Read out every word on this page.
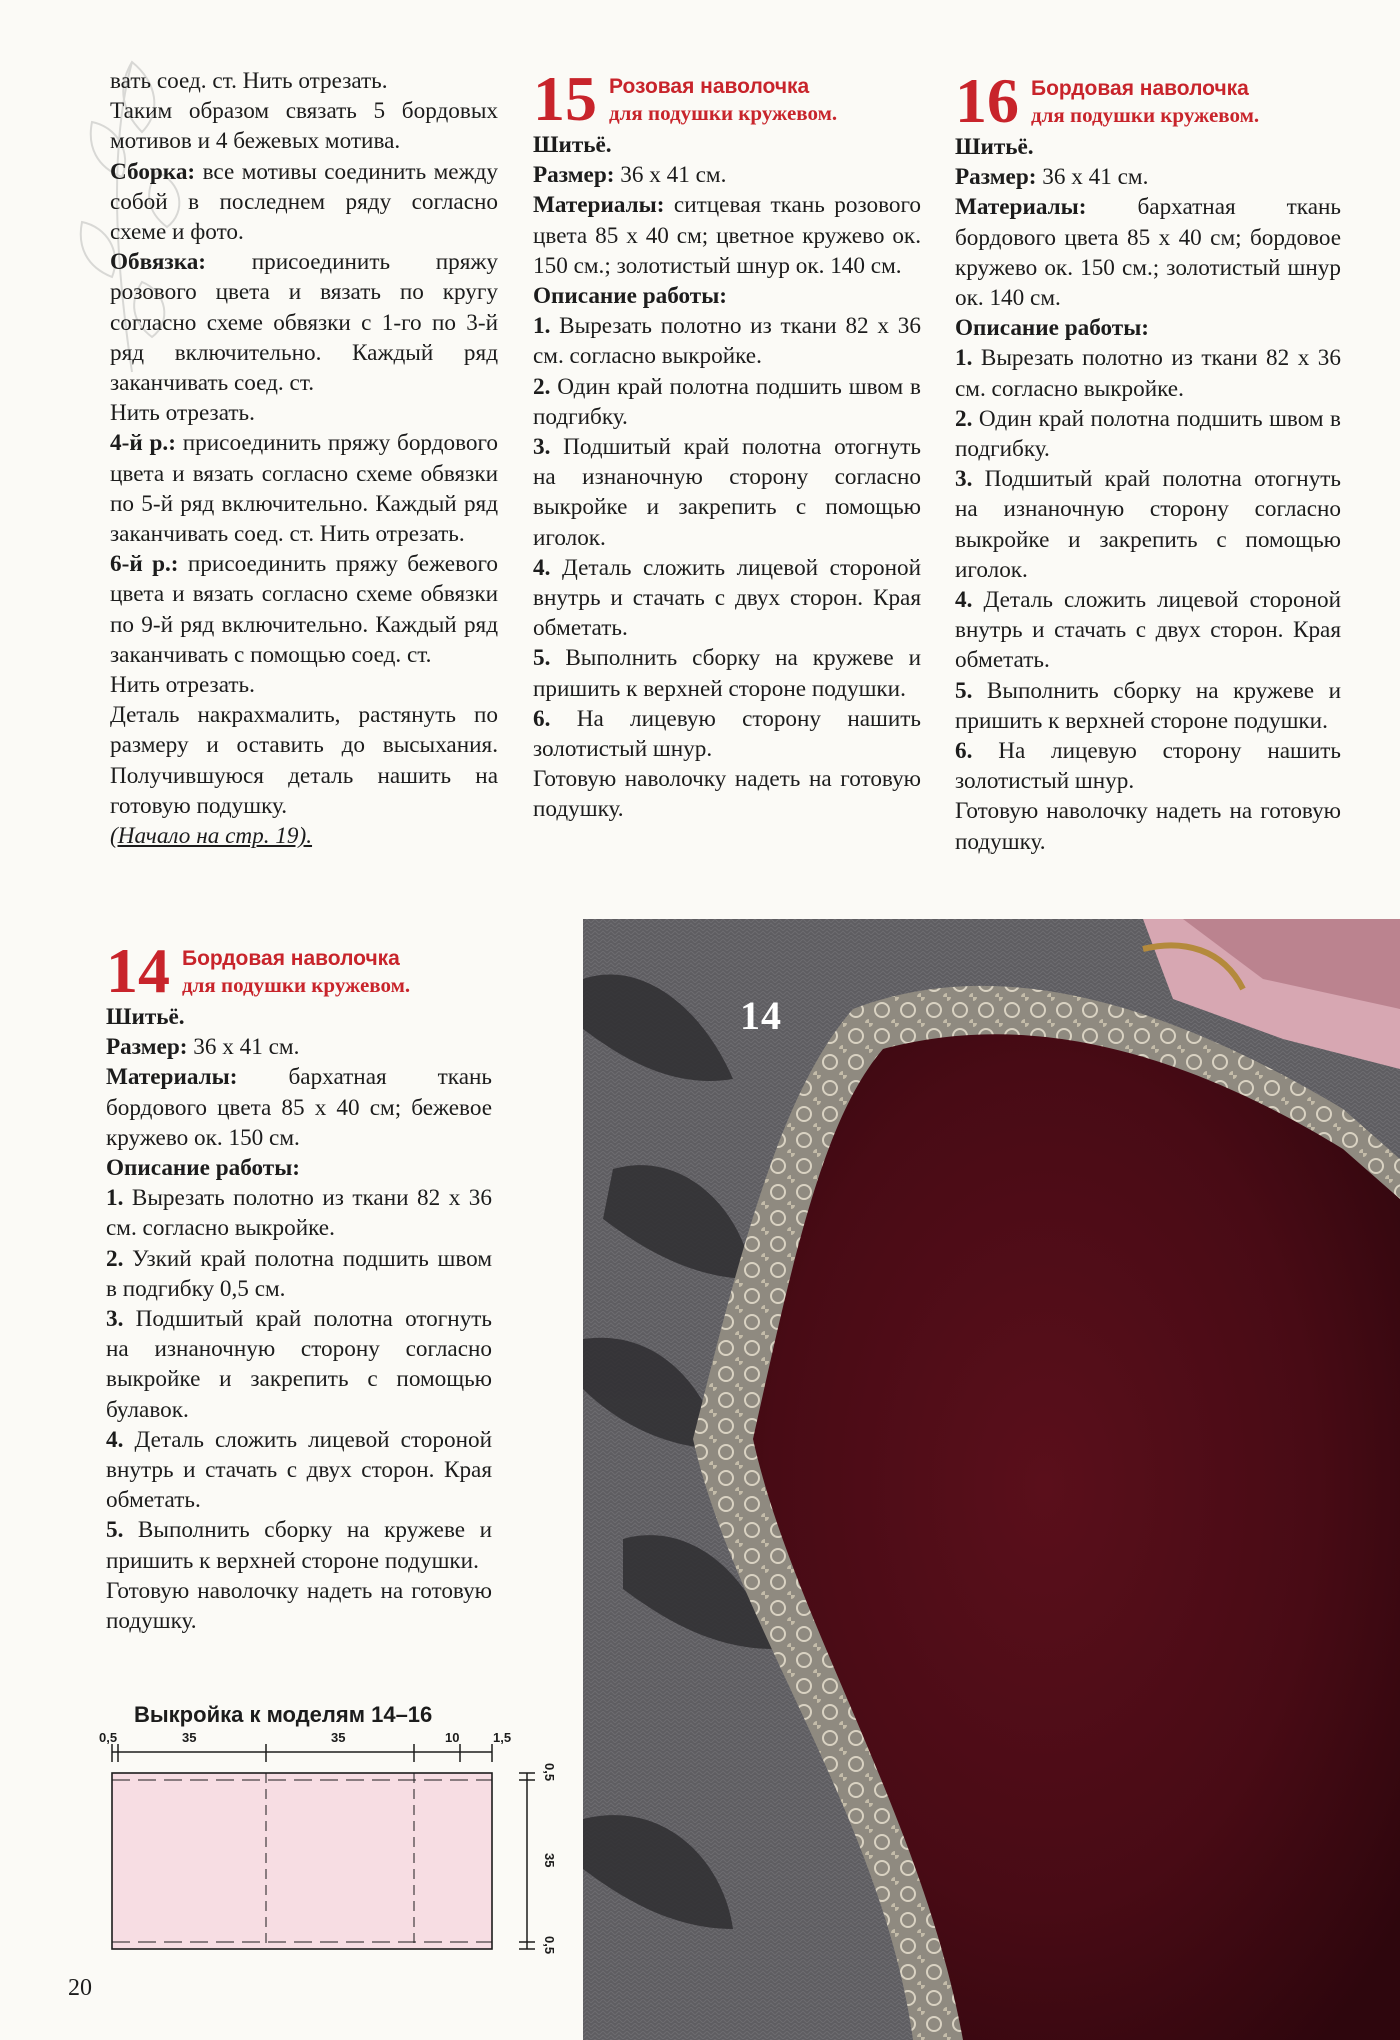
вать соед. ст. Нить отрезать.

Таким образом связать 5 бордовых мотивов и 4 бежевых мотива.

Сборка: все мотивы соединить между собой в последнем ряду согласно схеме и фото.

Обвязка: присоединить пряжу розового цвета и вязать по кругу согласно схеме обвязки с 1-го по 3-й ряд включительно. Каждый ряд заканчивать соед. ст.

Нить отрезать.

4-й р.: присоединить пряжу бордового цвета и вязать согласно схеме обвязки по 5-й ряд включительно. Каждый ряд заканчивать соед. ст. Нить отрезать.

6-й р.: присоединить пряжу бежевого цвета и вязать согласно схеме обвязки по 9-й ряд включительно. Каждый ряд заканчивать с помощью соед. ст.

Нить отрезать.

Деталь накрахмалить, растянуть по размеру и оставить до высыхания. Получившуюся деталь нашить на готовую подушку.

(Начало на стр. 19).

15 Розовая наволочка
для подушки кружевом.

Шитьё.

Размер: 36 x 41 см.

Материалы: ситцевая ткань розового цвета 85 x 40 см; цветное кружево ок. 150 см.; золотистый шнур ок. 140 см.

Описание работы:

1. Вырезать полотно из ткани 82 x 36 см. согласно выкройке.

2. Один край полотна подшить швом в подгибку.

3. Подшитый край полотна отогнуть на изнаночную сторону согласно выкройке и закрепить с помощью иголок.

4. Деталь сложить лицевой стороной внутрь и стачать с двух сторон. Края обметать.

5. Выполнить сборку на кружеве и пришить к верхней стороне подушки.

6. На лицевую сторону нашить золотистый шнур.

Готовую наволочку надеть на готовую подушку.

16 Бордовая наволочка
для подушки кружевом.

Шитьё.

Размер: 36 x 41 см.

Материалы: бархатная ткань бордового цвета 85 x 40 см; бордовое кружево ок. 150 см.; золотистый шнур ок. 140 см.

Описание работы:

1. Вырезать полотно из ткани 82 x 36 см. согласно выкройке.

2. Один край полотна подшить швом в подгибку.

3. Подшитый край полотна отогнуть на изнаночную сторону согласно выкройке и закрепить с помощью иголок.

4. Деталь сложить лицевой стороной внутрь и стачать с двух сторон. Края обметать.

5. Выполнить сборку на кружеве и пришить к верхней стороне подушки.

6. На лицевую сторону нашить золотистый шнур.

Готовую наволочку надеть на готовую подушку.

14 Бордовая наволочка
для подушки кружевом.

Шитьё.

Размер: 36 x 41 см.

Материалы: бархатная ткань бордового цвета 85 x 40 см; бежевое кружево ок. 150 см.

Описание работы:

1. Вырезать полотно из ткани 82 x 36 см. согласно выкройке.

2. Узкий край полотна подшить швом в подгибку 0,5 см.

3. Подшитый край полотна отогнуть на изнаночную сторону согласно выкройке и закрепить с помощью булавок.

4. Деталь сложить лицевой стороной внутрь и стачать с двух сторон. Края обметать.

5. Выполнить сборку на кружеве и пришить к верхней стороне подушки.

Готовую наволочку надеть на готовую подушку.

Выкройка к моделям 14–16
0,5	35	35	10	1,5
0,5
35
0,5
14
20
